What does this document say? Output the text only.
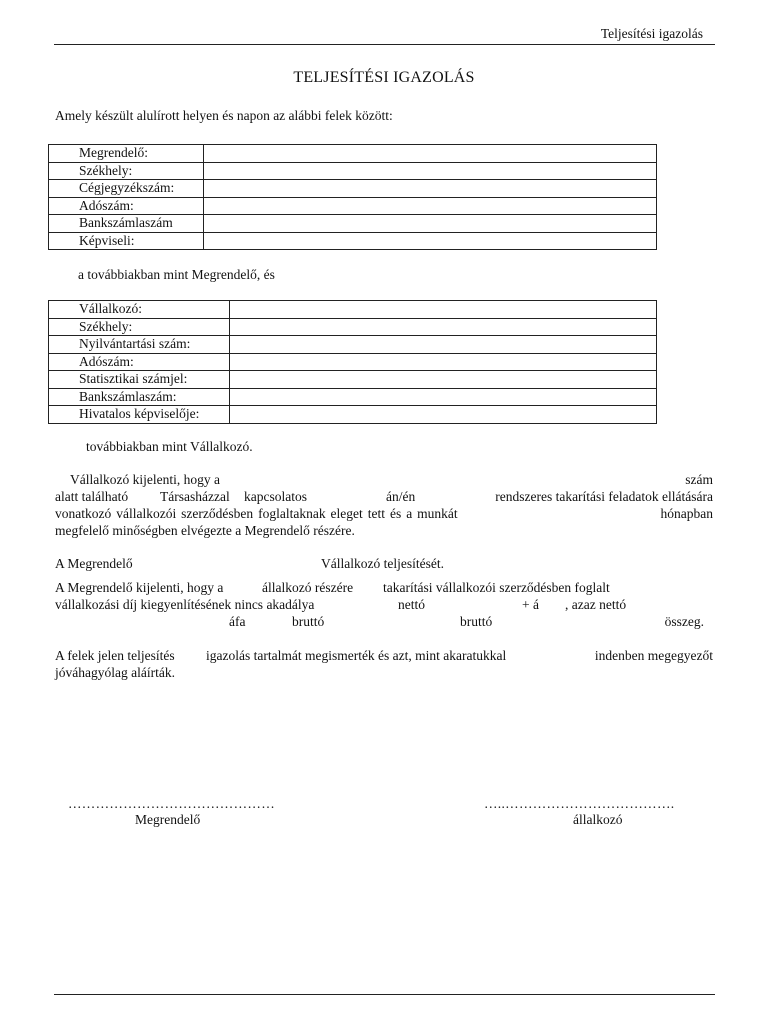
Teljesítési igazolás
TELJESÍTÉSI IGAZOLÁS
Amely készült alulírott helyen és napon az alábbi felek között:
Megrendelő:	
Székhely:	
Cégjegyzékszám:	
Adószám:	
Bankszámlaszám	
Képviseli:	
a továbbiakban mint Megrendelő, és
Vállalkozó:	
Székhely:	
Nyilvántartási szám:	
Adószám:	
Statisztikai számjel:	
Bankszámlaszám:	
Hivatalos képviselője:	
továbbiakban mint Vállalkozó.
Vállalkozó kijelenti, hogy a	szám
alatt található Társasházzal kapcsolatos	án/én	rendszeres takarítási feladatok ellátására
vonatkozó vállalkozói szerződésben foglaltaknak eleget tett és a munkát	hónapban
megfelelő minőségben elvégezte a Megrendelő részére.
A Megrendelő	Vállalkozó teljesítését.
A Megrendelő kijelenti, hogy a	állalkozó részére takarítási vállalkozói szerződésben foglalt
vállalkozási díj kiegyenlítésének nincs akadálya	nettó	+ á , azaz nettó
áfa	bruttó	bruttó	összeg.
A felek jelen teljesítés igazolás tartalmát megismerték és azt, mint akaratukkal	indenben megegyezőt
jóváhagyólag aláírták.
………………………………………
Megrendelő
…..……………………………….
állalkozó
